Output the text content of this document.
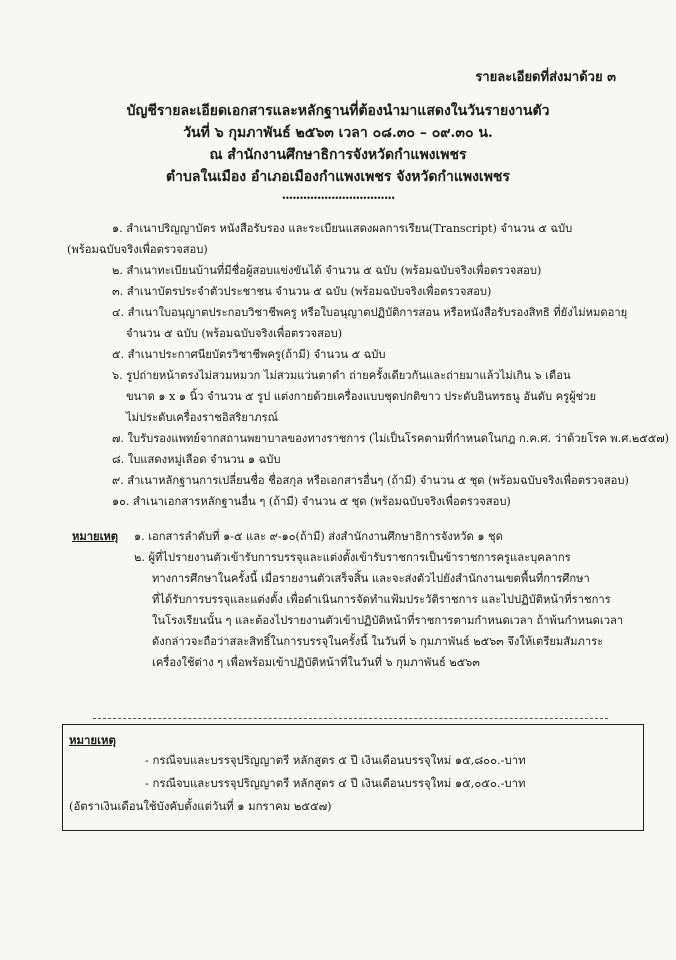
รายละเอียดที่ส่งมาด้วย ๓
บัญชีรายละเอียดเอกสารและหลักฐานที่ต้องนำมาแสดงในวันรายงานตัว
วันที่ ๖ กุมภาพันธ์ ๒๕๖๓ เวลา ๐๘.๓๐ – ๐๙.๓๐ น.
ณ สำนักงานศึกษาธิการจังหวัดกำแพงเพชร
ตำบลในเมือง อำเภอเมืองกำแพงเพชร จังหวัดกำแพงเพชร
................................
๑. สำเนาปริญญาบัตร หนังสือรับรอง และระเบียนแสดงผลการเรียน(Transcript) จำนวน ๕ ฉบับ
(พร้อมฉบับจริงเพื่อตรวจสอบ)
๒. สำเนาทะเบียนบ้านที่มีชื่อผู้สอบแข่งขันได้ จำนวน ๕ ฉบับ (พร้อมฉบับจริงเพื่อตรวจสอบ)
๓. สำเนาบัตรประจำตัวประชาชน จำนวน ๕ ฉบับ (พร้อมฉบับจริงเพื่อตรวจสอบ)
๔. สำเนาใบอนุญาตประกอบวิชาชีพครู หรือใบอนุญาตปฏิบัติการสอน หรือหนังสือรับรองสิทธิ ที่ยังไม่หมดอายุ
จำนวน ๕ ฉบับ (พร้อมฉบับจริงเพื่อตรวจสอบ)
๕. สำเนาประกาศนียบัตรวิชาชีพครู(ถ้ามี) จำนวน ๕ ฉบับ
๖. รูปถ่ายหน้าตรงไม่สวมหมวก ไม่สวมแว่นตาดำ ถ่ายครั้งเดียวกันและถ่ายมาแล้วไม่เกิน ๖ เดือน
ขนาด ๑ x ๑ นิ้ว จำนวน ๕ รูป แต่งกายด้วยเครื่องแบบชุดปกติขาว ประดับอินทรธนู อันดับ ครูผู้ช่วย
ไม่ประดับเครื่องราชอิสริยาภรณ์
๗. ใบรับรองแพทย์จากสถานพยาบาลของทางราชการ (ไม่เป็นโรคตามที่กำหนดในกฎ ก.ค.ศ. ว่าด้วยโรค พ.ศ.๒๕๕๗)
๘. ใบแสดงหมู่เลือด จำนวน ๑ ฉบับ
๙. สำเนาหลักฐานการเปลี่ยนชื่อ ชื่อสกุล หรือเอกสารอื่นๆ (ถ้ามี) จำนวน ๕ ชุด (พร้อมฉบับจริงเพื่อตรวจสอบ)
๑๐. สำเนาเอกสารหลักฐานอื่น ๆ (ถ้ามี) จำนวน ๕ ชุด (พร้อมฉบับจริงเพื่อตรวจสอบ)
หมายเหตุ	๑. เอกสารลำดับที่ ๑-๕ และ ๙-๑๐(ถ้ามี) ส่งสำนักงานศึกษาธิการจังหวัด ๑ ชุด
๒. ผู้ที่ไปรายงานตัวเข้ารับการบรรจุและแต่งตั้งเข้ารับราชการเป็นข้าราชการครูและบุคลากร
ทางการศึกษาในครั้งนี้ เมื่อรายงานตัวเสร็จสิ้น และจะส่งตัวไปยังสำนักงานเขตพื้นที่การศึกษา
ที่ได้รับการบรรจุและแต่งตั้ง เพื่อดำเนินการจัดทำแฟ้มประวัติราชการ และไปปฏิบัติหน้าที่ราชการ
ในโรงเรียนนั้น ๆ และต้องไปรายงานตัวเข้าปฏิบัติหน้าที่ราชการตามกำหนดเวลา ถ้าพ้นกำหนดเวลา
ดังกล่าวจะถือว่าสละสิทธิ์ในการบรรจุในครั้งนี้ ในวันที่ ๖ กุมภาพันธ์ ๒๕๖๓ จึงให้เตรียมสัมภาระ
เครื่องใช้ต่าง ๆ เพื่อพร้อมเข้าปฏิบัติหน้าที่ในวันที่ ๖ กุมภาพันธ์ ๒๕๖๓
หมายเหตุ
- กรณีจบและบรรจุปริญญาตรี หลักสูตร ๕ ปี เงินเดือนบรรจุใหม่ ๑๕,๘๐๐.-บาท
- กรณีจบและบรรจุปริญญาตรี หลักสูตร ๔ ปี เงินเดือนบรรจุใหม่ ๑๕,๐๕๐.-บาท
(อัตราเงินเดือนใช้บังคับตั้งแต่วันที่ ๑ มกราคม ๒๕๕๗)
